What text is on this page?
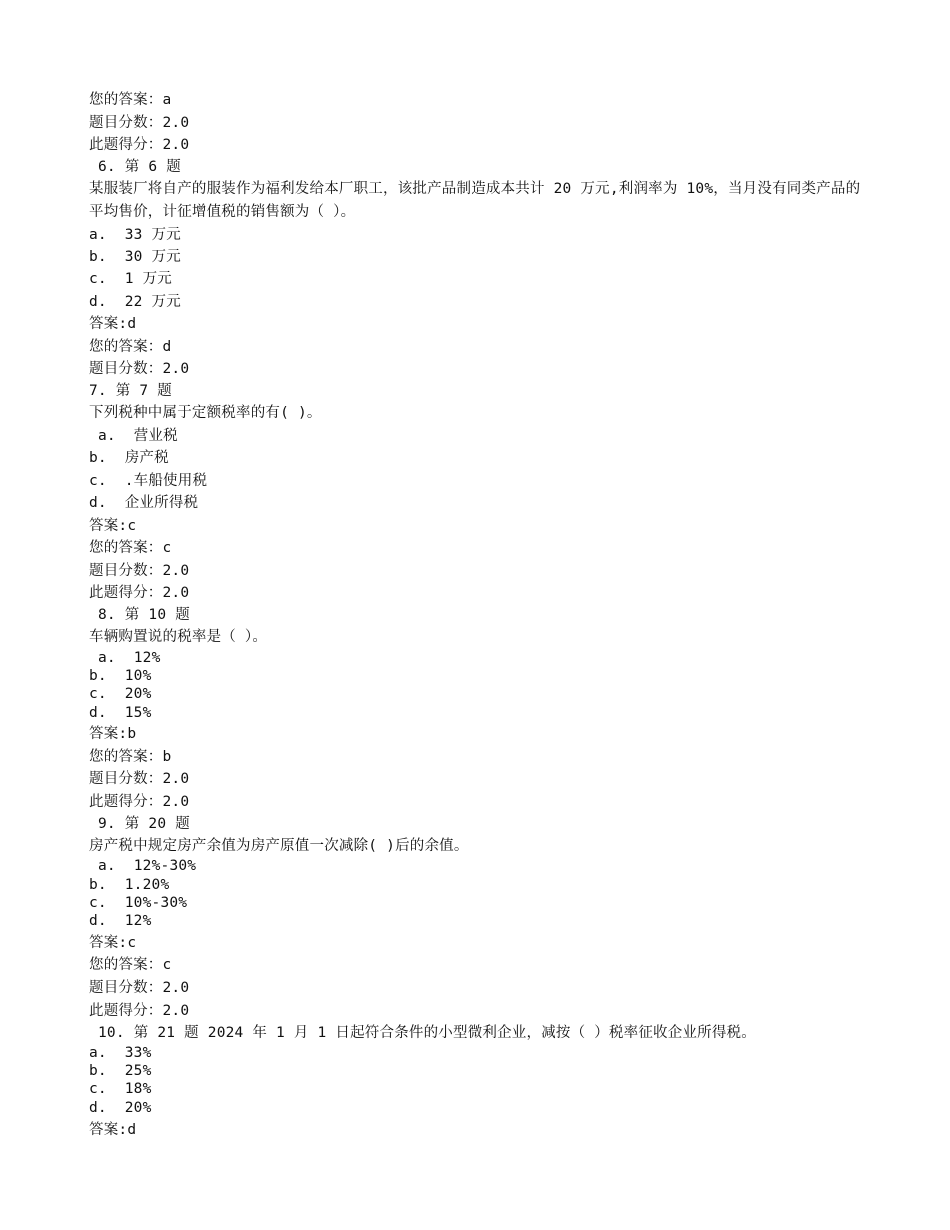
您的答案：a
题目分数：2.0
此题得分：2.0
6. 第 6 题
某服装厂将自产的服装作为福利发给本厂职工，该批产品制造成本共计 20 万元,利润率为 10%，当月没有同类产品的平均售价，计征增值税的销售额为（ ）。
a.  33 万元
b.  30 万元
c.  1 万元
d.  22 万元
答案:d
您的答案：d
题目分数：2.0
7. 第 7 题
下列税种中属于定额税率的有( )。
a.  营业税
b.  房产税
c.  .车船使用税
d.  企业所得税
答案:c
您的答案：c
题目分数：2.0
此题得分：2.0
8. 第 10 题
车辆购置说的税率是（ ）。
a.  12%
b.  10%
c.  20%
d.  15%
答案:b
您的答案：b
题目分数：2.0
此题得分：2.0
9. 第 20 题
房产税中规定房产余值为房产原值一次减除( )后的余值。
a.  12%-30%
b.  1.20%
c.  10%-30%
d.  12%
答案:c
您的答案：c
题目分数：2.0
此题得分：2.0
10. 第 21 题 2024 年 1 月 1 日起符合条件的小型微利企业，减按（ ）税率征收企业所得税。
a.  33%
b.  25%
c.  18%
d.  20%
答案:d
